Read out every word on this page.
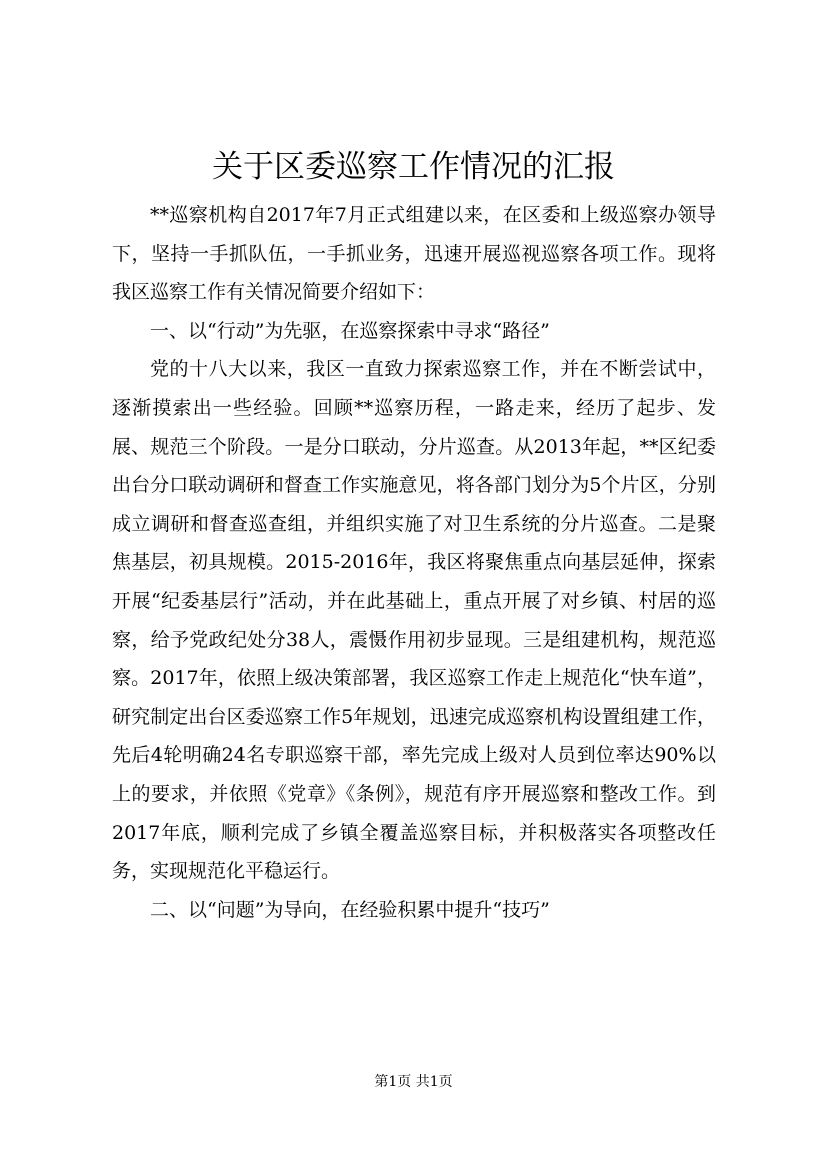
关于区委巡察工作情况的汇报

**巡察机构自2017年7月正式组建以来，在区委和上级巡察办领导下，坚持一手抓队伍，一手抓业务，迅速开展巡视巡察各项工作。现将我区巡察工作有关情况简要介绍如下：

一、以“行动”为先驱，在巡察探索中寻求“路径”

党的十八大以来，我区一直致力探索巡察工作，并在不断尝试中，逐渐摸索出一些经验。回顾**巡察历程，一路走来，经历了起步、发展、规范三个阶段。一是分口联动，分片巡查。从2013年起，**区纪委出台分口联动调研和督查工作实施意见，将各部门划分为5个片区，分别成立调研和督查巡查组，并组织实施了对卫生系统的分片巡查。二是聚焦基层，初具规模。2015-2016年，我区将聚焦重点向基层延伸，探索开展“纪委基层行”活动，并在此基础上，重点开展了对乡镇、村居的巡察，给予党政纪处分38人，震慑作用初步显现。三是组建机构，规范巡察。2017年，依照上级决策部署，我区巡察工作走上规范化“快车道”，研究制定出台区委巡察工作5年规划，迅速完成巡察机构设置组建工作，先后4轮明确24名专职巡察干部，率先完成上级对人员到位率达90%以上的要求，并依照《党章》《条例》，规范有序开展巡察和整改工作。到2017年底，顺利完成了乡镇全覆盖巡察目标，并积极落实各项整改任务，实现规范化平稳运行。

二、以“问题”为导向，在经验积累中提升“技巧”

第1页 共1页
